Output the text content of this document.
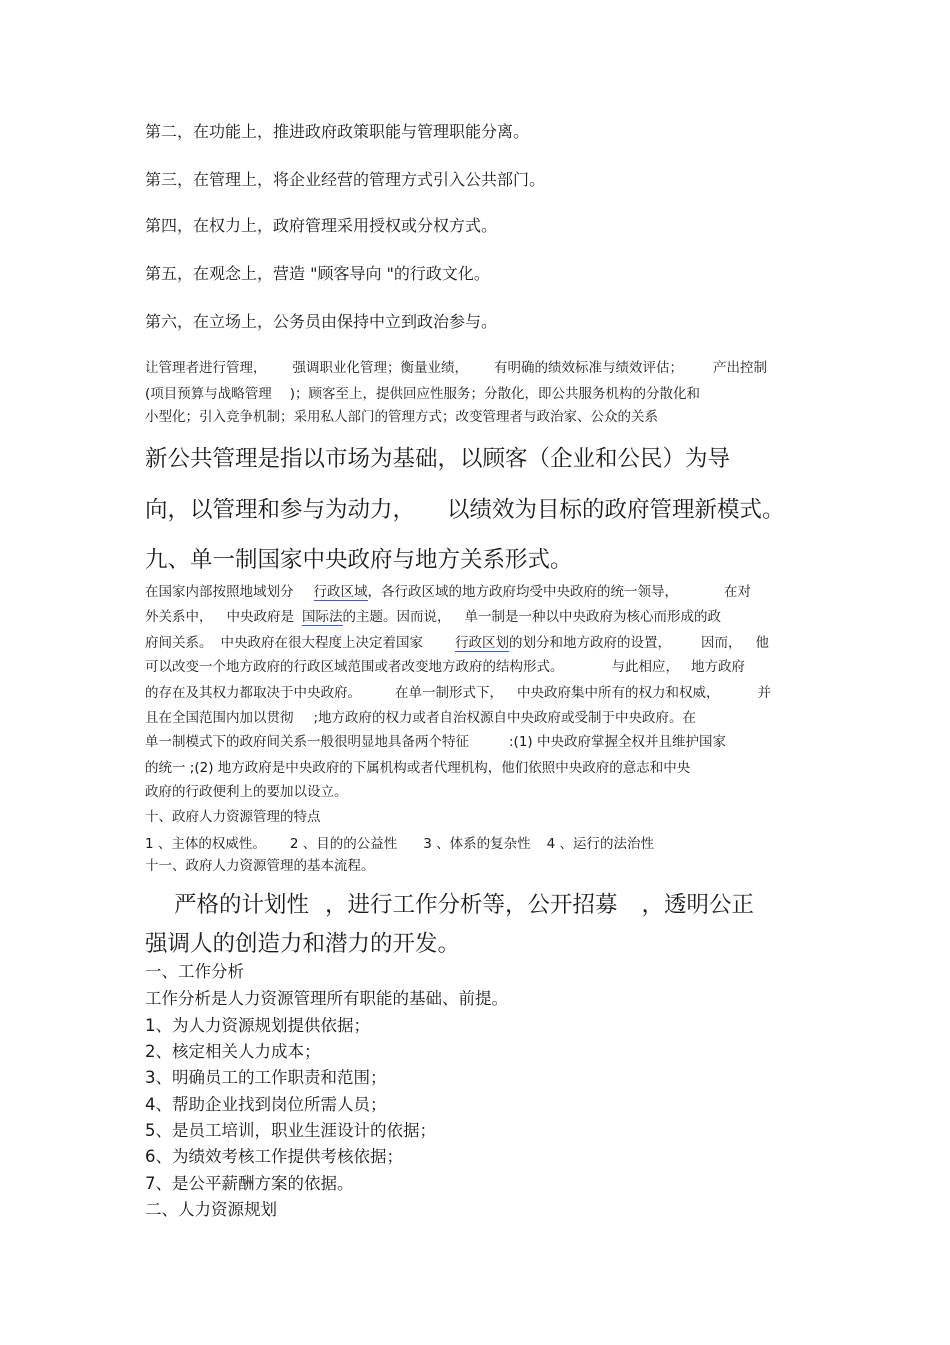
第二，在功能上，推进政府政策职能与管理职能分离。
第三，在管理上，将企业经营的管理方式引入公共部门。
第四，在权力上，政府管理采用授权或分权方式。
第五，在观念上，营造 "顾客导向 "的行政文化。
第六，在立场上，公务员由保持中立到政治参与。
让管理者进行管理， 强调职业化管理；衡量业绩， 有明确的绩效标准与绩效评估； 产出控制
(项目预算与战略管理 )；顾客至上，提供回应性服务；分散化，即公共服务机构的分散化和
小型化；引入竞争机制；采用私人部门的管理方式；改变管理者与政治家、公众的关系
新公共管理是指以市场为基础，以顾客（企业和公民）为导
向，以管理和参与为动力， 以绩效为目标的政府管理新模式。
九、单一制国家中央政府与地方关系形式。
在国家内部按照地域划分 行政区域，各行政区域的地方政府均受中央政府的统一领导，	在对
外关系中， 中央政府是 国际法的主题。因而说， 单一制是一种以中央政府为核心而形成的政
府间关系。 中央政府在很大程度上决定着国家 行政区划的划分和地方政府的设置， 因而， 他
可以改变一个地方政府的行政区域范围或者改变地方政府的结构形式。	与此相应， 地方政府
的存在及其权力都取决于中央政府。	在单一制形式下， 中央政府集中所有的权力和权威，	并
且在全国范围内加以贯彻 ;地方政府的权力或者自治权源自中央政府或受制于中央政府。在
单一制模式下的政府间关系一般很明显地具备两个特征	:(1) 中央政府掌握全权并且维护国家
的统一 ;(2) 地方政府是中央政府的下属机构或者代理机构，他们依照中央政府的意志和中央
政府的行政便利上的要加以设立。
十、政府人力资源管理的特点
1 、主体的权威性。 2 、目的的公益性 3 、体系的复杂性 4 、运行的法治性
十一、政府人力资源管理的基本流程。
严格的计划性 ，进行工作分析等，公开招募 ，透明公正
强调人的创造力和潜力的开发。
一、工作分析
工作分析是人力资源管理所有职能的基础、前提。
1、为人力资源规划提供依据；
2、核定相关人力成本；
3、明确员工的工作职责和范围；
4、帮助企业找到岗位所需人员；
5、是员工培训，职业生涯设计的依据；
6、为绩效考核工作提供考核依据；
7、是公平薪酬方案的依据。
二、人力资源规划
